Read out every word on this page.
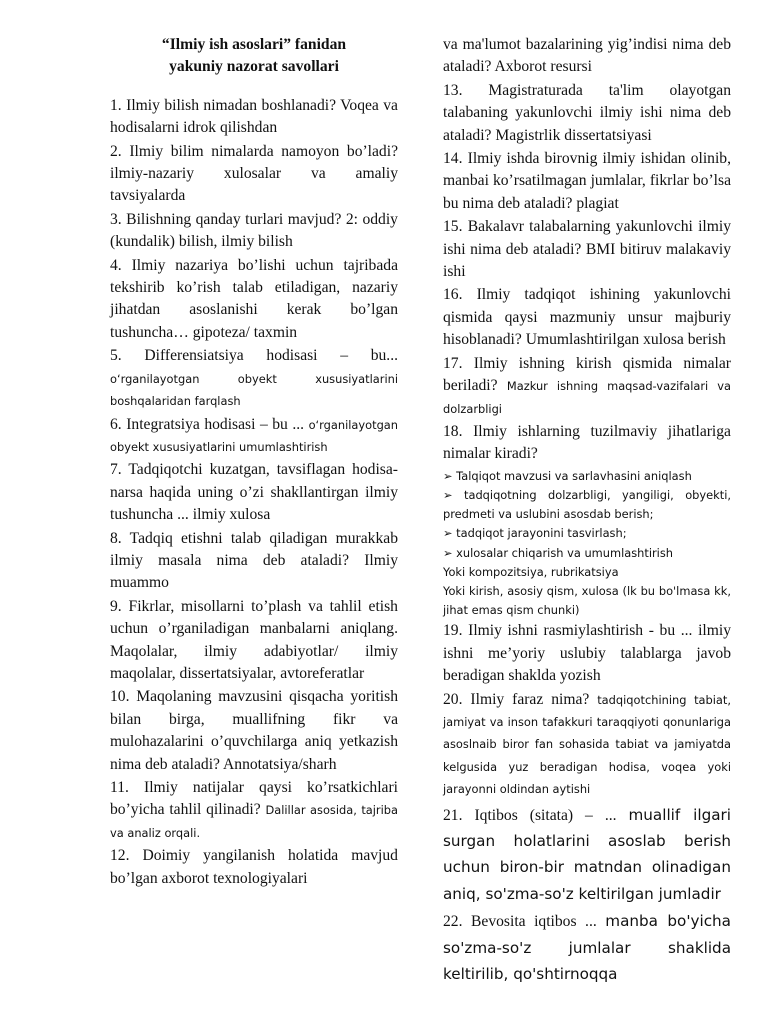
“Ilmiy ish asoslari” fanidan
yakuniy nazorat savollari
1. Ilmiy bilish nimadan boshlanadi? Voqea va hodisalarni idrok qilishdan
2. Ilmiy bilim nimalarda namoyon bo’ladi? ilmiy-nazariy xulosalar va amaliy tavsiyalarda
3. Bilishning qanday turlari mavjud? 2: oddiy (kundalik) bilish, ilmiy bilish
4. Ilmiy nazariya bo’lishi uchun tajribada tekshirib ko’rish talab etiladigan, nazariy jihatdan asoslanishi kerak bo’lgan tushuncha… gipoteza/ taxmin
5. Differensiatsiya hodisasi – bu... o‘rganilayotgan obyekt xususiyatlarini boshqalaridan farqlash
6. Integratsiya hodisasi – bu ... o‘rganilayotgan obyekt xususiyatlarini umumlashtirish
7. Tadqiqotchi kuzatgan, tavsiflagan hodisa-narsa haqida uning o’zi shakllantirgan ilmiy tushuncha ... ilmiy xulosa
8. Tadqiq etishni talab qiladigan murakkab ilmiy masala nima deb ataladi? Ilmiy muammo
9. Fikrlar, misollarni to’plash va tahlil etish uchun o’rganiladigan manbalarni aniqlang. Maqolalar, ilmiy adabiyotlar/ ilmiy maqolalar, dissertatsiyalar, avtoreferatlar
10. Maqolaning mavzusini qisqacha yoritish bilan birga, muallifning fikr va mulohazalarini o’quvchilarga aniq yetkazish nima deb ataladi? Annotatsiya/sharh
11. Ilmiy natijalar qaysi ko’rsatkichlari bo’yicha tahlil qilinadi? Dalillar asosida, tajriba va analiz orqali.
12. Doimiy yangilanish holatida mavjud bo’lgan axborot texnologiyalari
va ma'lumot bazalarining yig’indisi nima deb ataladi? Axborot resursi
13. Magistraturada ta'lim olayotgan talabaning yakunlovchi ilmiy ishi nima deb ataladi? Magistrlik dissertatsiyasi
14. Ilmiy ishda birovnig ilmiy ishidan olinib, manbai ko’rsatilmagan jumlalar, fikrlar bo’lsa bu nima deb ataladi? plagiat
15. Bakalavr talabalarning yakunlovchi ilmiy ishi nima deb ataladi? BMI bitiruv malakaviy ishi
16. Ilmiy tadqiqot ishining yakunlovchi qismida qaysi mazmuniy unsur majburiy hisoblanadi? Umumlashtirilgan xulosa berish
17. Ilmiy ishning kirish qismida nimalar beriladi? Mazkur ishning maqsad-vazifalari va dolzarbligi
18. Ilmiy ishlarning tuzilmaviy jihatlariga nimalar kiradi?

➢ Talqiqot mavzusi va sarlavhasini aniqlash

➢ tadqiqotning dolzarbligi, yangiligi, obyekti, predmeti va uslubini asosdab berish;

➢ tadqiqot jarayonini tasvirlash;

➢ xulosalar chiqarish va umumlashtirish

Yoki kompozitsiya, rubrikatsiya

Yoki kirish, asosiy qism, xulosa (lk bu bo'lmasa kk, jihat emas qism chunki)

19. Ilmiy ishni rasmiylashtirish - bu ... ilmiy ishni me’yoriy uslubiy talablarga javob beradigan shaklda yozish
20. Ilmiy faraz nima? tadqiqotchining tabiat, jamiyat va inson tafakkuri taraqqiyoti qonunlariga asoslnaib biror fan sohasida tabiat va jamiyatda kelgusida yuz beradigan hodisa, voqea yoki jarayonni oldindan aytishi
21. Iqtibos (sitata) – ... muallif ilgari surgan holatlarini asoslab berish uchun biron-bir matndan olinadigan aniq, so'zma-so'z keltirilgan jumladir
22. Bevosita iqtibos ... manba bo'yicha so'zma-so'z jumlalar shaklida keltirilib, qo'shtirnoqqa
